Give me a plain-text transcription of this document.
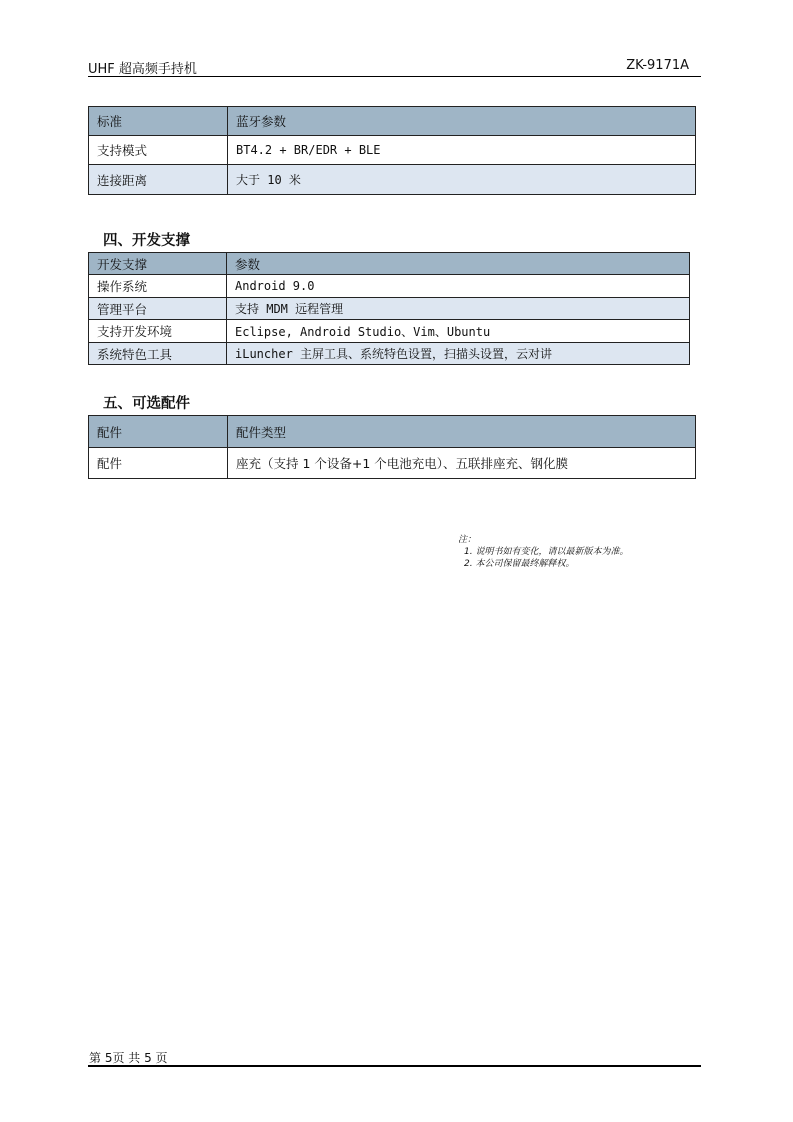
UHF 超高频手持机	ZK-9171A
标准	蓝牙参数
支持模式	BT4.2 + BR/EDR + BLE
连接距离	大于 10 米
四、开发支撑
开发支撑	参数
操作系统	Android 9.0
管理平台	支持 MDM 远程管理
支持开发环境	Eclipse, Android Studio、Vim、Ubuntu
系统特色工具	iLuncher 主屏工具、系统特色设置，扫描头设置，云对讲
五、可选配件
配件	配件类型
配件	座充（支持 1 个设备+1 个电池充电）、五联排座充、钢化膜
注：
1. 说明书如有变化，请以最新版本为准。
2. 本公司保留最终解释权。
第 5页 共 5 页
